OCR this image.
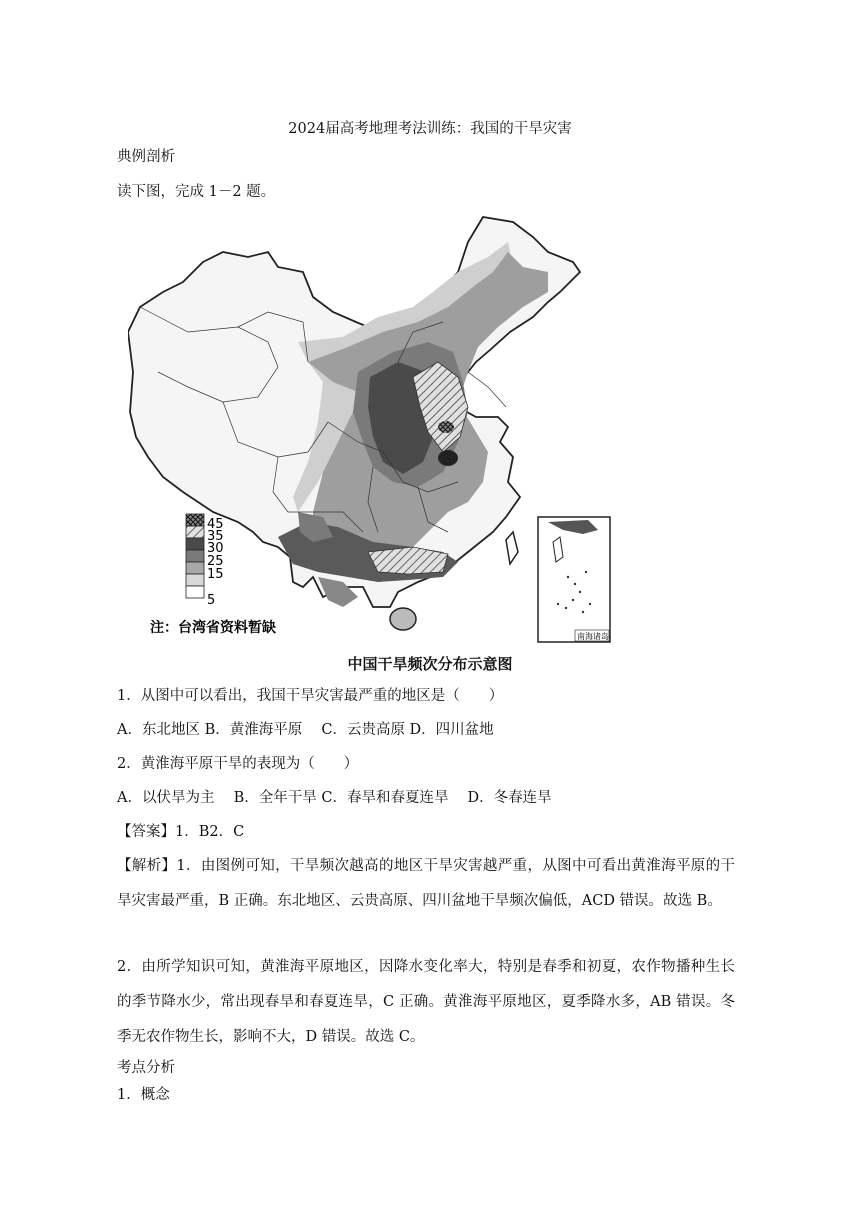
2024届高考地理考法训练：我国的干旱灾害
典例剖析
读下图，完成 1－2 题。
45
35
30
25
15
5
注：台湾省资料暂缺
南海诸岛
中国干旱频次分布示意图
1．从图中可以看出，我国干旱灾害最严重的地区是（　　）
A．东北地区 B．黄淮海平原　 C．云贵高原 D．四川盆地
2．黄淮海平原干旱的表现为（　　）
A．以伏旱为主　 B．全年干旱 C．春旱和春夏连旱　 D．冬春连旱
【答案】1．B2．C
【解析】1．由图例可知，干旱频次越高的地区干旱灾害越严重，从图中可看出黄淮海平原的干旱灾害最严重，B 正确。东北地区、云贵高原、四川盆地干旱频次偏低，ACD 错误。故选 B。
2．由所学知识可知，黄淮海平原地区，因降水变化率大，特别是春季和初夏，农作物播种生长的季节降水少，常出现春旱和春夏连旱，C 正确。黄淮海平原地区，夏季降水多，AB 错误。冬季无农作物生长，影响不大，D 错误。故选 C。
考点分析
1．概念
